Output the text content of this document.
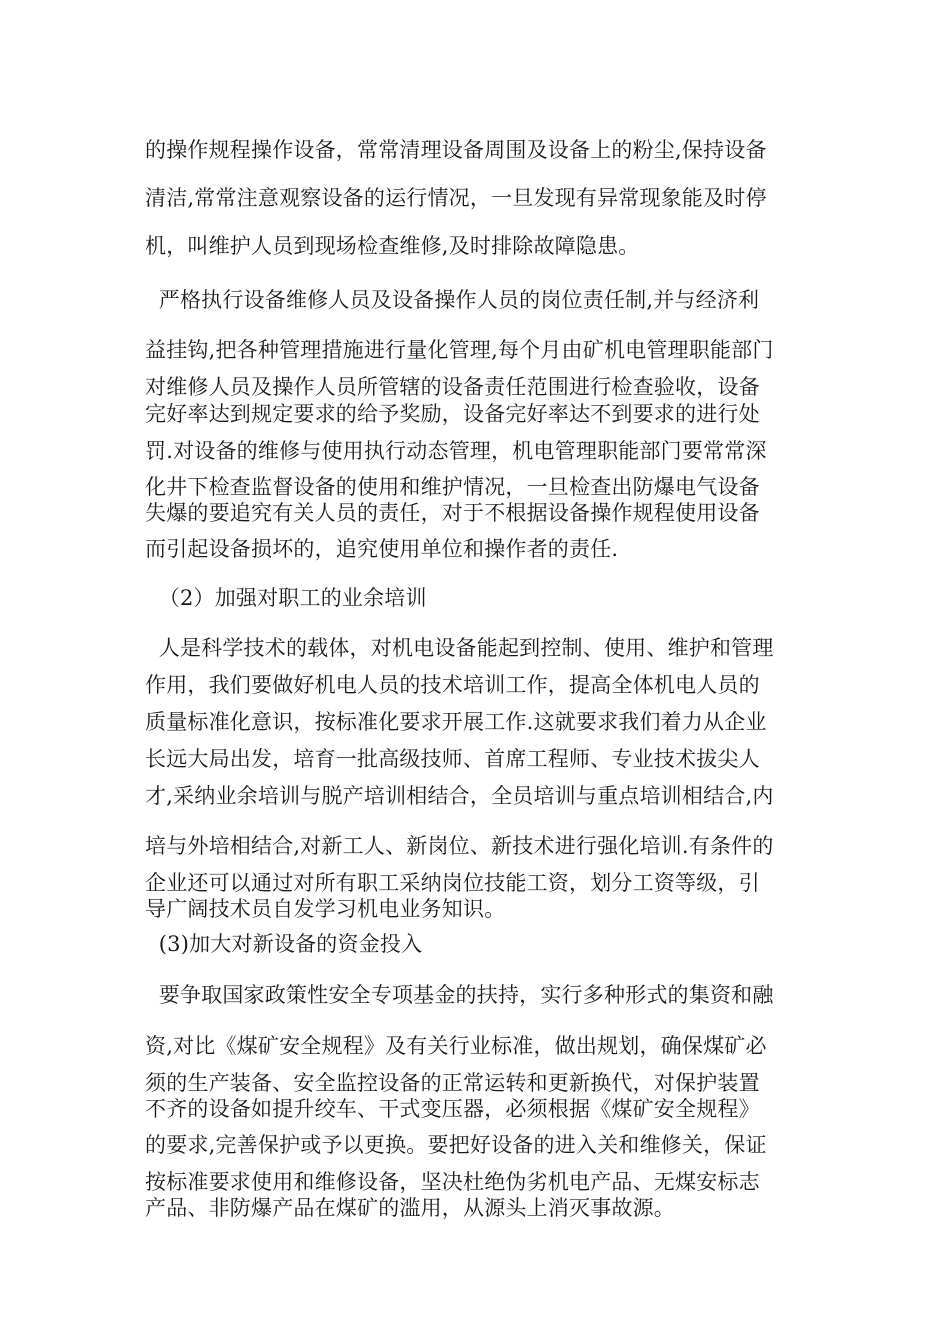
的操作规程操作设备，常常清理设备周围及设备上的粉尘,保持设备
清洁,常常注意观察设备的运行情况，一旦发现有异常现象能及时停
机，叫维护人员到现场检查维修,及时排除故障隐患。
严格执行设备维修人员及设备操作人员的岗位责任制,并与经济利
益挂钩,把各种管理措施进行量化管理,每个月由矿机电管理职能部门
对维修人员及操作人员所管辖的设备责任范围进行检查验收，设备
完好率达到规定要求的给予奖励，设备完好率达不到要求的进行处
罚.对设备的维修与使用执行动态管理，机电管理职能部门要常常深
化井下检查监督设备的使用和维护情况，一旦检查出防爆电气设备
失爆的要追究有关人员的责任，对于不根据设备操作规程使用设备
而引起设备损坏的，追究使用单位和操作者的责任.
（2）加强对职工的业余培训
人是科学技术的载体，对机电设备能起到控制、使用、维护和管理
作用，我们要做好机电人员的技术培训工作，提高全体机电人员的
质量标准化意识，按标准化要求开展工作.这就要求我们着力从企业
长远大局出发，培育一批高级技师、首席工程师、专业技术拔尖人
才,采纳业余培训与脱产培训相结合，全员培训与重点培训相结合,内
培与外培相结合,对新工人、新岗位、新技术进行强化培训.有条件的
企业还可以通过对所有职工采纳岗位技能工资，划分工资等级，引
导广阔技术员自发学习机电业务知识。
(3)加大对新设备的资金投入
要争取国家政策性安全专项基金的扶持，实行多种形式的集资和融
资,对比《煤矿安全规程》及有关行业标准，做出规划，确保煤矿必
须的生产装备、安全监控设备的正常运转和更新换代，对保护装置
不齐的设备如提升绞车、干式变压器，必须根据《煤矿安全规程》
的要求,完善保护或予以更换。要把好设备的进入关和维修关，保证
按标准要求使用和维修设备，坚决杜绝伪劣机电产品、无煤安标志
产品、非防爆产品在煤矿的滥用，从源头上消灭事故源。
